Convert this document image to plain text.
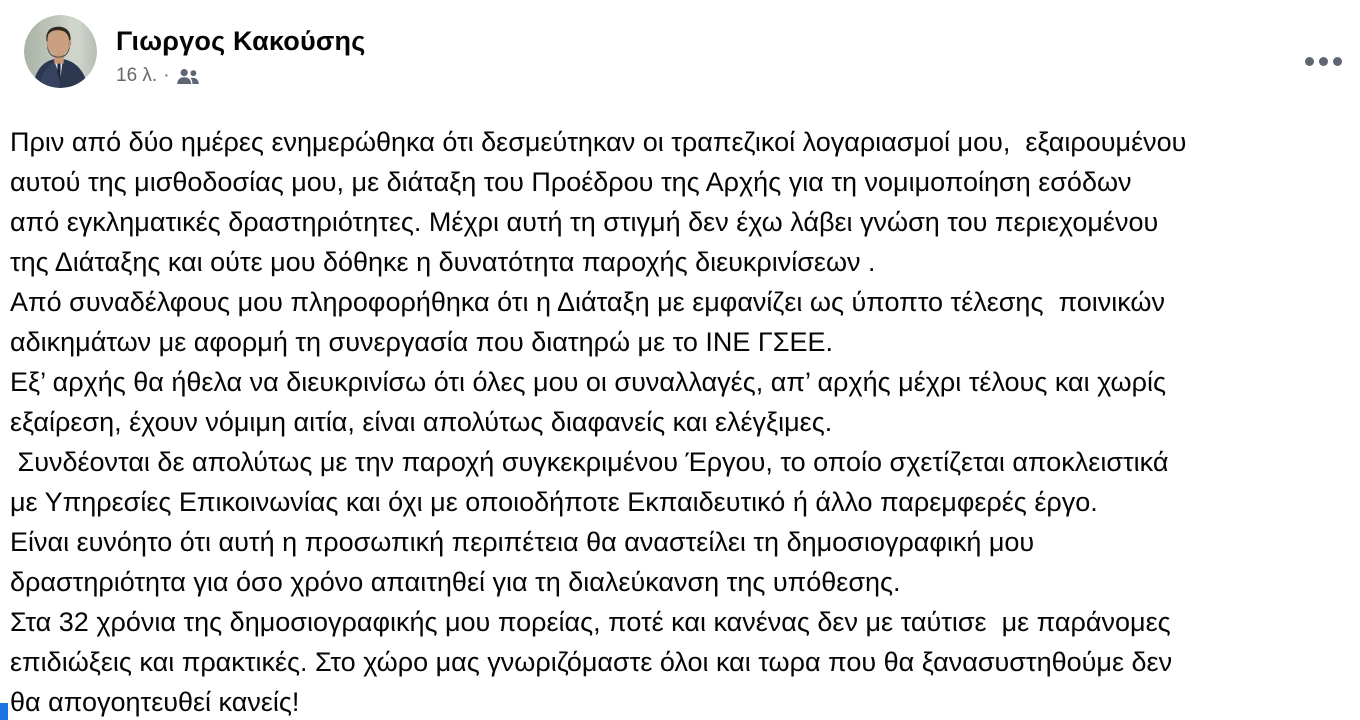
Γιωργος Κακούσης
16 λ. ·
Πριν από δύο ημέρες ενημερώθηκα ότι δεσμεύτηκαν οι τραπεζικοί λογαριασμοί μου,  εξαιρουμένου
αυτού της μισθοδοσίας μου, με διάταξη του Προέδρου της Αρχής για τη νομιμοποίηση εσόδων
από εγκληματικές δραστηριότητες. Μέχρι αυτή τη στιγμή δεν έχω λάβει γνώση του περιεχομένου
της Διάταξης και ούτε μου δόθηκε η δυνατότητα παροχής διευκρινίσεων .
Από συναδέλφους μου πληροφορήθηκα ότι η Διάταξη με εμφανίζει ως ύποπτο τέλεσης  ποινικών
αδικημάτων με αφορμή τη συνεργασία που διατηρώ με το ΙΝΕ ΓΣΕΕ.
Εξ’ αρχής θα ήθελα να διευκρινίσω ότι όλες μου οι συναλλαγές, απ’ αρχής μέχρι τέλους και χωρίς
εξαίρεση, έχουν νόμιμη αιτία, είναι απολύτως διαφανείς και ελέγξιμες.
Συνδέονται δε απολύτως με την παροχή συγκεκριμένου Έργου, το οποίο σχετίζεται αποκλειστικά
με Υπηρεσίες Επικοινωνίας και όχι με οποιοδήποτε Εκπαιδευτικό ή άλλο παρεμφερές έργο.
Είναι ευνόητο ότι αυτή η προσωπική περιπέτεια θα αναστείλει τη δημοσιογραφική μου
δραστηριότητα για όσο χρόνο απαιτηθεί για τη διαλεύκανση της υπόθεσης.
Στα 32 χρόνια της δημοσιογραφικής μου πορείας, ποτέ και κανένας δεν με ταύτισε  με παράνομες
επιδιώξεις και πρακτικές. Στο χώρο μας γνωριζόμαστε όλοι και τωρα που θα ξανασυστηθούμε δεν
θα απογοητευθεί κανείς!
